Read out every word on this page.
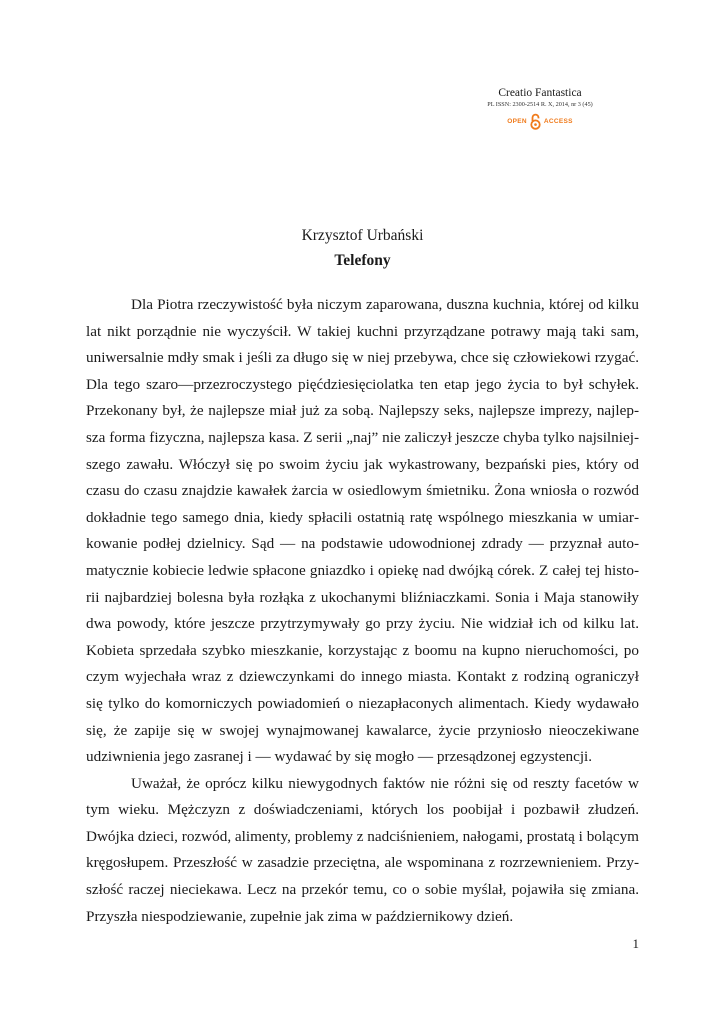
Creatio Fantastica
PL ISSN: 2300-2514 R. X, 2014, nr 3 (45)
OPEN	ACCESS
Krzysztof Urbański
Telefony

Dla Piotra rzeczywistość była niczym zaparowana, duszna kuchnia, której od kilku lat nikt porządnie nie wyczyścił. W takiej kuchni przyrządzane potrawy mają taki sam, uniwersalnie mdły smak i jeśli za długo się w niej przebywa, chce się człowiekowi rzygać. Dla tego szaro—przezroczystego pięćdziesięciolatka ten etap jego życia to był schyłek. Przekonany był, że najlepsze miał już za sobą. Najlepszy seks, najlepsze imprezy, najlepsza forma fizyczna, najlepsza kasa. Z serii „naj” nie zaliczył jeszcze chyba tylko najsilniejszego zawału. Włóczył się po swoim życiu jak wykastrowany, bezpański pies, który od czasu do czasu znajdzie kawałek żarcia w osiedlowym śmietniku. Żona wniosła o rozwód dokładnie tego samego dnia, kiedy spłacili ostatnią ratę wspólnego mieszkania w umiarkowanie podłej dzielnicy. Sąd — na podstawie udowodnionej zdrady — przyznał automatycznie kobiecie ledwie spłacone gniazdko i opiekę nad dwójką córek. Z całej tej historii najbardziej bolesna była rozłąka z ukochanymi bliźniaczkami. Sonia i Maja stanowiły dwa powody, które jeszcze przytrzymywały go przy życiu. Nie widział ich od kilku lat. Kobieta sprzedała szybko mieszkanie, korzystając z boomu na kupno nieruchomości, po czym wyjechała wraz z dziewczynkami do innego miasta. Kontakt z rodziną ograniczył się tylko do komorniczych powiadomień o niezapłaconych alimentach. Kiedy wydawało się, że zapije się w swojej wynajmowanej kawalarce, życie przyniosło nieoczekiwane udziwnienia jego zasranej i — wydawać by się mogło — przesądzonej egzystencji.

Uważał, że oprócz kilku niewygodnych faktów nie różni się od reszty facetów w tym wieku. Mężczyzn z doświadczeniami, których los poobijał i pozbawił złudzeń. Dwójka dzieci, rozwód, alimenty, problemy z nadciśnieniem, nałogami, prostatą i bolącym kręgosłupem. Przeszłość w zasadzie przeciętna, ale wspominana z rozrzewnieniem. Przyszłość raczej nieciekawa. Lecz na przekór temu, co o sobie myślał, pojawiła się zmiana. Przyszła niespodziewanie, zupełnie jak zima w październikowy dzień.

1
